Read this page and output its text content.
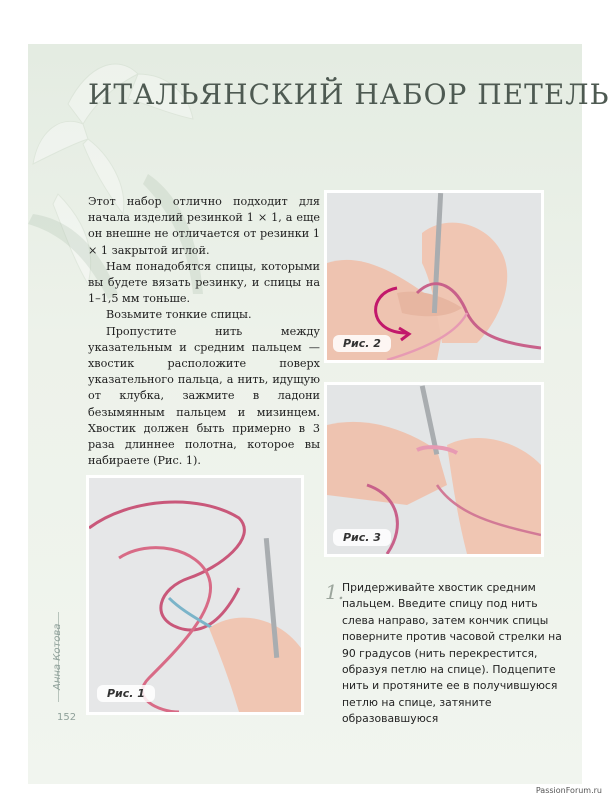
ИТАЛЬЯНСКИЙ НАБОР ПЕТЕЛЬ

Этот набор отлично подходит для начала изделий резинкой 1 × 1, а еще он внешне не отличается от резинки 1 × 1 закрытой иглой.

Нам понадобятся спицы, которыми вы будете вязать резинку, и спицы на 1–1,5 мм тоньше.

Возьмите тонкие спицы.

Пропустите нить между указательным и средним пальцем — хвостик расположите поверх указательного пальца, а нить, идущую от клубка, зажмите в ладони безымянным пальцем и мизинцем. Хвостик должен быть примерно в 3 раза длиннее полотна, которое вы набираете (Рис. 1).

Рис. 2
Рис. 3
Рис. 1
1.
Придерживайте хвостик средним пальцем. Введите спицу под нить слева направо, затем кончик спицы поверните против часовой стрелки на 90 градусов (нить перекрестится, образуя петлю на спице). Подцепите нить и протяните ее в получившуюся петлю на спице, затяните образовавшуюся
Анна Котова
152
PassionForum.ru
